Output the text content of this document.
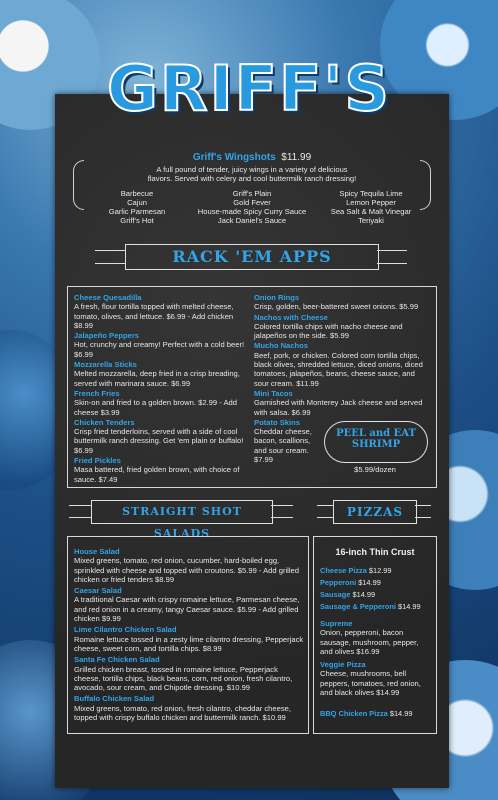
Griff's Wingshots $11.99
A full pound of tender, juicy wings in a variety of delicious flavors. Served with celery and cool buttermilk ranch dressing!
Barbecue
Cajun
Garlic Parmesan
Griff's Hot
Griff's Plain
Gold Fever
House-made Spicy Curry Sauce
Jack Daniel's Sauce
Spicy Tequila Lime
Lemon Pepper
Sea Salt & Malt Vinegar
Teriyaki
RACK 'EM APPS
Cheese Quesadilla
A fresh, flour tortilla topped with melted cheese, tomato, olives, and lettuce. $6.99 - Add chicken $8.99
Jalapeño Peppers
Hot, crunchy and creamy! Perfect with a cold beer! $6.99
Mozzarella Sticks
Melted mozzarella, deep fried in a crisp breading, served with marinara sauce. $6.99
French Fries
Skin-on and fried to a golden brown. $2.99 - Add cheese $3.99
Chicken Tenders
Crisp fried tenderloins, served with a side of cool buttermilk ranch dressing. Get 'em plain or buffalo! $6.99
Fried Pickles
Masa battered, fried golden brown, with choice of sauce. $7.49
Onion Rings
Crisp, golden, beer-battered sweet onions. $5.99
Nachos with Cheese
Colored tortilla chips with nacho cheese and jalapeños on the side. $5.99
Mucho Nachos
Beef, pork, or chicken. Colored corn tortilla chips, black olives, shredded lettuce, diced onions, diced tomatoes, jalapeños, beans, cheese sauce, and sour cream. $11.99
Mini Tacos
Garnished with Monterey Jack cheese and served with salsa. $6.99
Potato Skins
Cheddar cheese, bacon, scallions, and sour cream. $7.99
PEEL and EAT SHRIMP
$5.99/dozen
STRAIGHT SHOT SALADS
PIZZAS
House Salad
Mixed greens, tomato, red onion, cucumber, hard-boiled egg, sprinkled with cheese and topped with croutons. $5.99 - Add grilled chicken or fried tenders $8.99
Caesar Salad
A traditional Caesar with crispy romaine lettuce, Parmesan cheese, and red onion in a creamy, tangy Caesar sauce. $5.99 - Add grilled chicken $9.99
Lime Cilantro Chicken Salad
Romaine lettuce tossed in a zesty lime cilantro dressing, Pepperjack cheese, sweet corn, and tortilla chips. $8.99
Santa Fe Chicken Salad
Grilled chicken breast, tossed in romaine lettuce, Pepperjack cheese, tortilla chips, black beans, corn, red onion, fresh cilantro, avocado, sour cream, and Chipotle dressing. $10.99
Buffalo Chicken Salad
Mixed greens, tomato, red onion, fresh cilantro, cheddar cheese, topped with crispy buffalo chicken and buttermilk ranch. $10.99
16-inch Thin Crust
Cheese Pizza $12.99
Pepperoni $14.99
Sausage $14.99
Sausage & Pepperoni $14.99
Supreme
Onion, pepperoni, bacon sausage, mushroom, pepper, and olives $16.99
Veggie Pizza
Cheese, mushrooms, bell peppers, tomatoes, red onion, and black olives $14.99
BBQ Chicken Pizza $14.99
GRIFF'S
